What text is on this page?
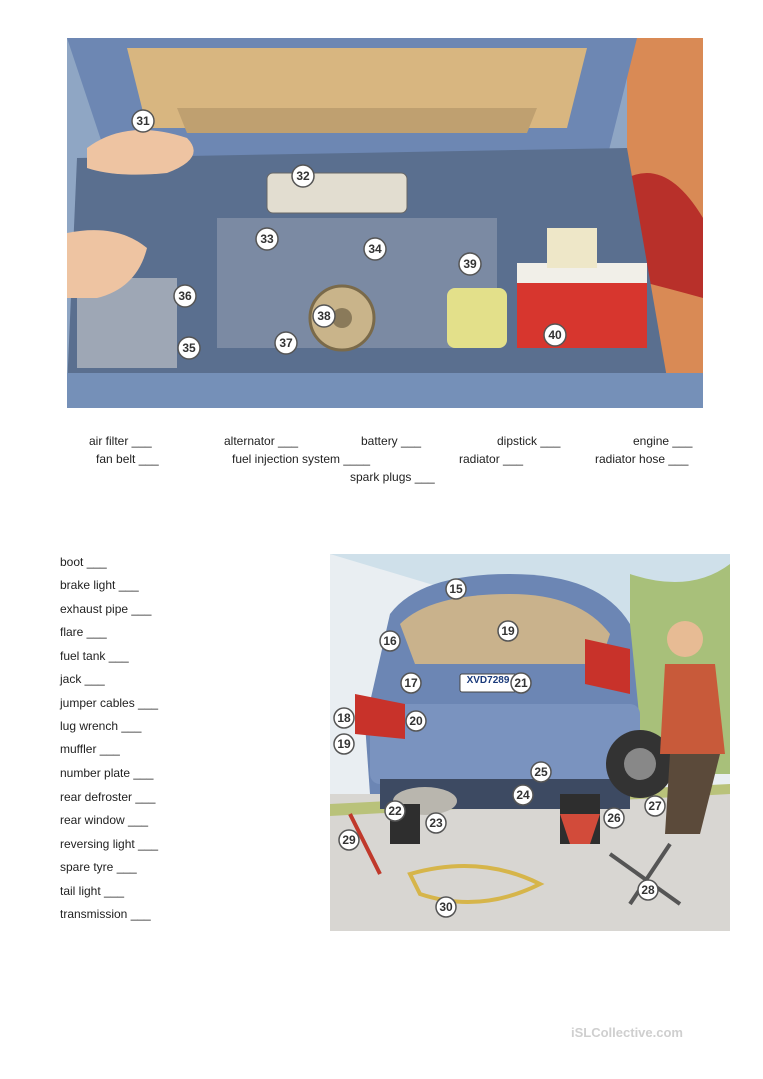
31
32
33
34
35
36
37
38
39
40
air filter ___	alternator ___	battery ___	dipstick ___	engine ___
fan belt ___	fuel injection system ____	radiator ___	radiator hose ___
spark plugs ___
boot ___
brake light ___
exhaust pipe ___
flare ___
fuel tank ___
jack ___
jumper cables ___
lug wrench ___
muffler ___
number plate ___
rear defroster ___
rear window ___
reversing light ___
spare tyre ___
tail light ___
transmission ___
XVD7289
15
16
19
17	21
18	20
19
25
24
22
23	26
27
29
28
30
iSLCollective.com
